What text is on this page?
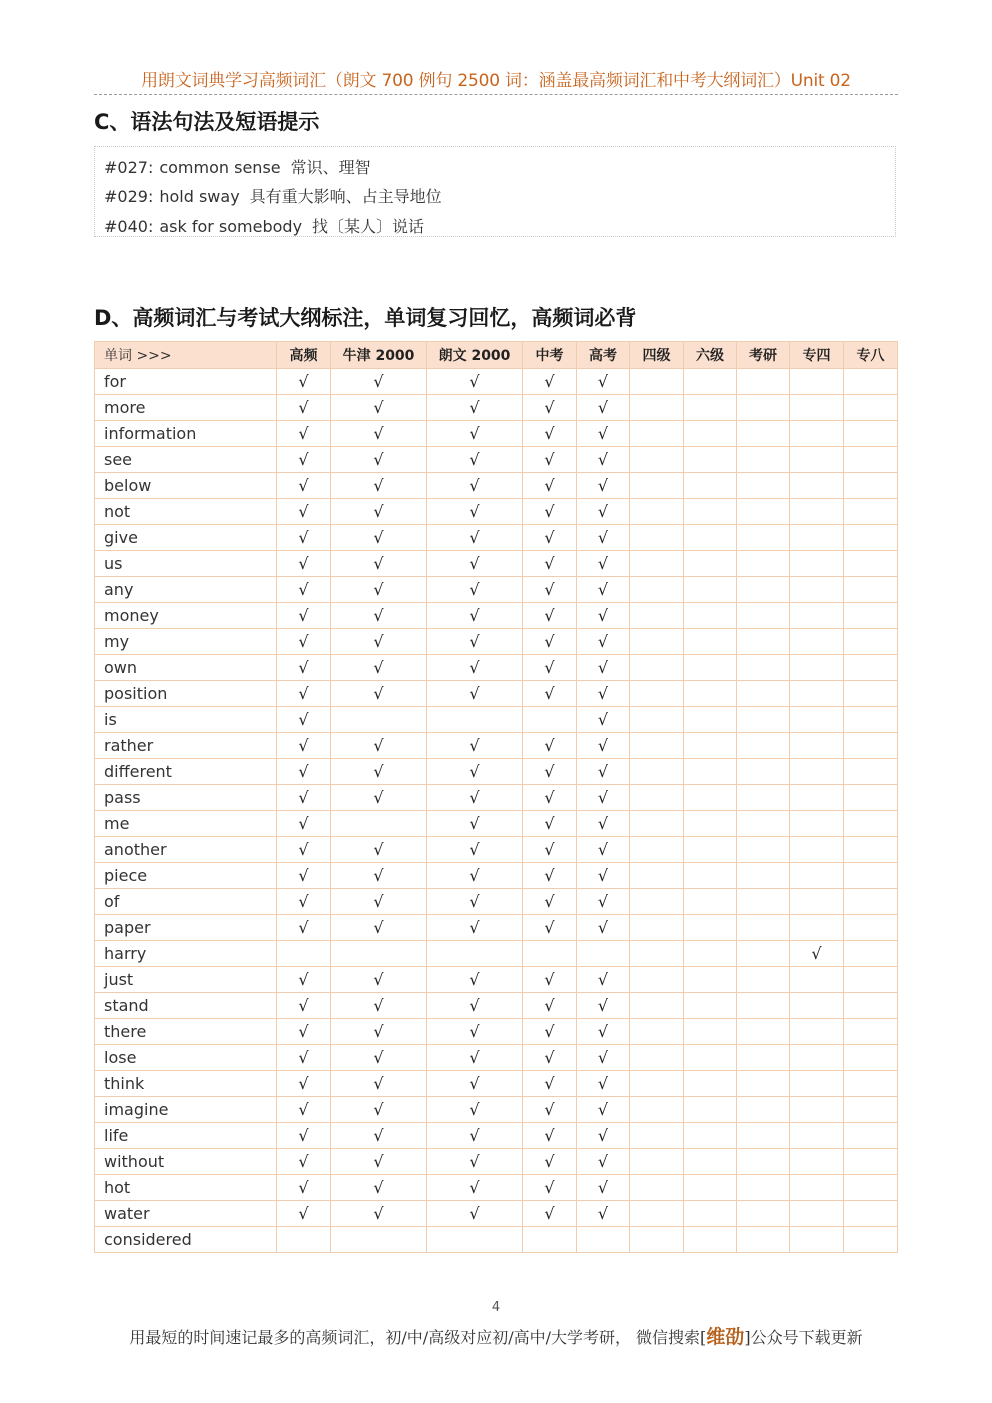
用朗文词典学习高频词汇（朗文 700 例句 2500 词：涵盖最高频词汇和中考大纲词汇）Unit 02
C、语法句法及短语提示
#027: common sense 常识、理智
#029: hold sway 具有重大影响、占主导地位
#040: ask for somebody 找〔某人〕说话
D、高频词汇与考试大纲标注，单词复习回忆，高频词必背
单词 >>>	高频	牛津 2000	朗文 2000	中考	高考	四级	六级	考研	专四	专八
for	√	√	√	√	√					
more	√	√	√	√	√					
information	√	√	√	√	√					
see	√	√	√	√	√					
below	√	√	√	√	√					
not	√	√	√	√	√					
give	√	√	√	√	√					
us	√	√	√	√	√					
any	√	√	√	√	√					
money	√	√	√	√	√					
my	√	√	√	√	√					
own	√	√	√	√	√					
position	√	√	√	√	√					
is	√				√					
rather	√	√	√	√	√					
different	√	√	√	√	√					
pass	√	√	√	√	√					
me	√		√	√	√					
another	√	√	√	√	√					
piece	√	√	√	√	√					
of	√	√	√	√	√					
paper	√	√	√	√	√					
harry									√	
just	√	√	√	√	√					
stand	√	√	√	√	√					
there	√	√	√	√	√					
lose	√	√	√	√	√					
think	√	√	√	√	√					
imagine	√	√	√	√	√					
life	√	√	√	√	√					
without	√	√	√	√	√					
hot	√	√	√	√	√					
water	√	√	√	√	√					
considered										
4
用最短的时间速记最多的高频词汇，初/中/高级对应初/高中/大学考研， 微信搜索[维劭]公众号下载更新
